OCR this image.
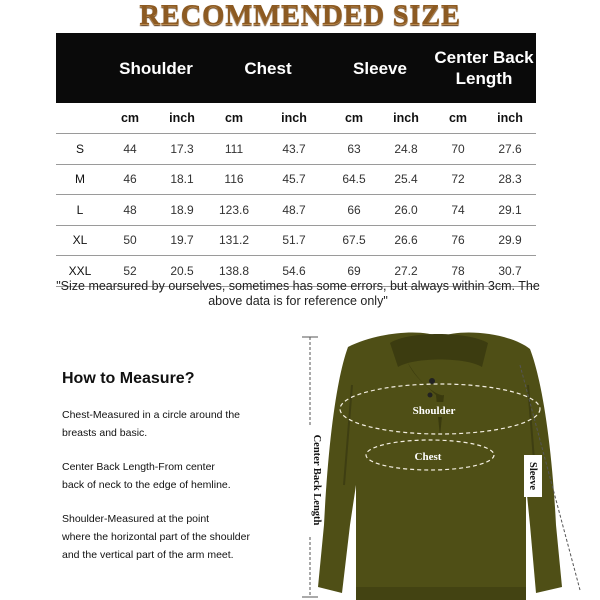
RECOMMENDED SIZE
	Shoulder		Chest		Sleeve		Center Back Length	
	cm	inch	cm	inch	cm	inch	cm	inch
S	44	17.3	111	43.7	63	24.8	70	27.6
M	46	18.1	116	45.7	64.5	25.4	72	28.3
L	48	18.9	123.6	48.7	66	26.0	74	29.1
XL	50	19.7	131.2	51.7	67.5	26.6	76	29.9
XXL	52	20.5	138.8	54.6	69	27.2	78	30.7
"Size mearsured by ourselves, sometimes has some errors, but always within 3cm. The above data is for reference only"
How to Measure?
Chest-Measured in a circle around the
breasts and basic.
Center Back Length-From center
back of neck to the edge of hemline.
Shoulder-Measured at the point
where the horizontal part of the shoulder
and the vertical part of the arm meet.
Shoulder
Chest
Center Back Length	Sleeve
